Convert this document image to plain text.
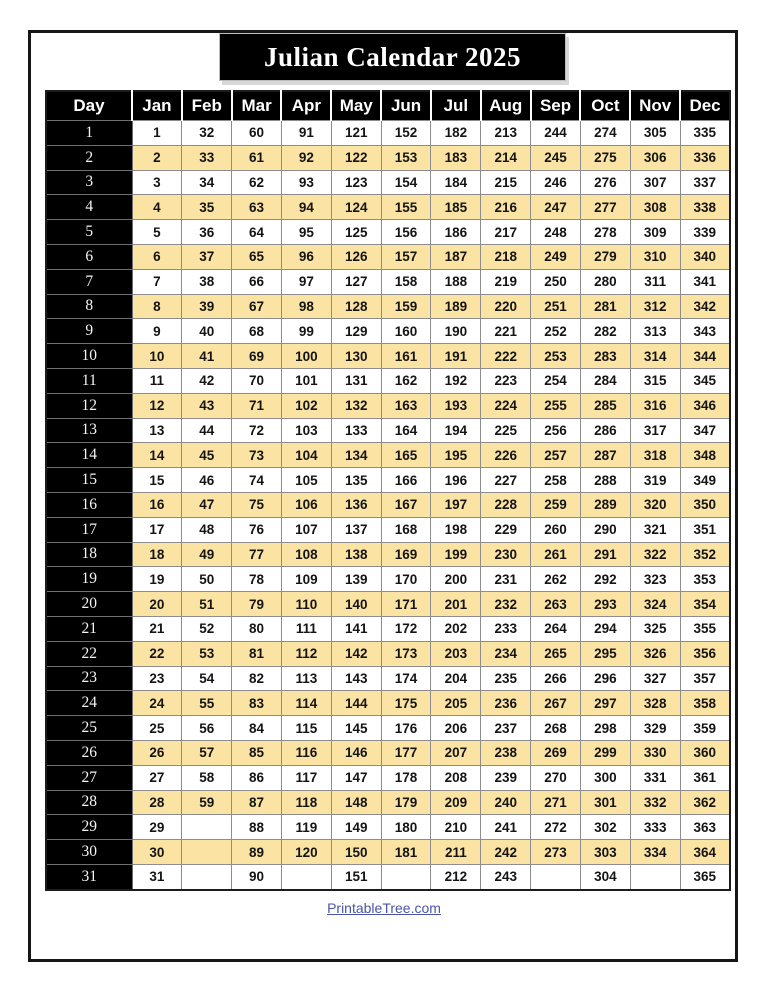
Julian Calendar 2025
Day	Jan	Feb	Mar	Apr	May	Jun	Jul	Aug	Sep	Oct	Nov	Dec
1	1	32	60	91	121	152	182	213	244	274	305	335
2	2	33	61	92	122	153	183	214	245	275	306	336
3	3	34	62	93	123	154	184	215	246	276	307	337
4	4	35	63	94	124	155	185	216	247	277	308	338
5	5	36	64	95	125	156	186	217	248	278	309	339
6	6	37	65	96	126	157	187	218	249	279	310	340
7	7	38	66	97	127	158	188	219	250	280	311	341
8	8	39	67	98	128	159	189	220	251	281	312	342
9	9	40	68	99	129	160	190	221	252	282	313	343
10	10	41	69	100	130	161	191	222	253	283	314	344
11	11	42	70	101	131	162	192	223	254	284	315	345
12	12	43	71	102	132	163	193	224	255	285	316	346
13	13	44	72	103	133	164	194	225	256	286	317	347
14	14	45	73	104	134	165	195	226	257	287	318	348
15	15	46	74	105	135	166	196	227	258	288	319	349
16	16	47	75	106	136	167	197	228	259	289	320	350
17	17	48	76	107	137	168	198	229	260	290	321	351
18	18	49	77	108	138	169	199	230	261	291	322	352
19	19	50	78	109	139	170	200	231	262	292	323	353
20	20	51	79	110	140	171	201	232	263	293	324	354
21	21	52	80	111	141	172	202	233	264	294	325	355
22	22	53	81	112	142	173	203	234	265	295	326	356
23	23	54	82	113	143	174	204	235	266	296	327	357
24	24	55	83	114	144	175	205	236	267	297	328	358
25	25	56	84	115	145	176	206	237	268	298	329	359
26	26	57	85	116	146	177	207	238	269	299	330	360
27	27	58	86	117	147	178	208	239	270	300	331	361
28	28	59	87	118	148	179	209	240	271	301	332	362
29	29		88	119	149	180	210	241	272	302	333	363
30	30		89	120	150	181	211	242	273	303	334	364
31	31		90		151		212	243		304		365
PrintableTree.com
